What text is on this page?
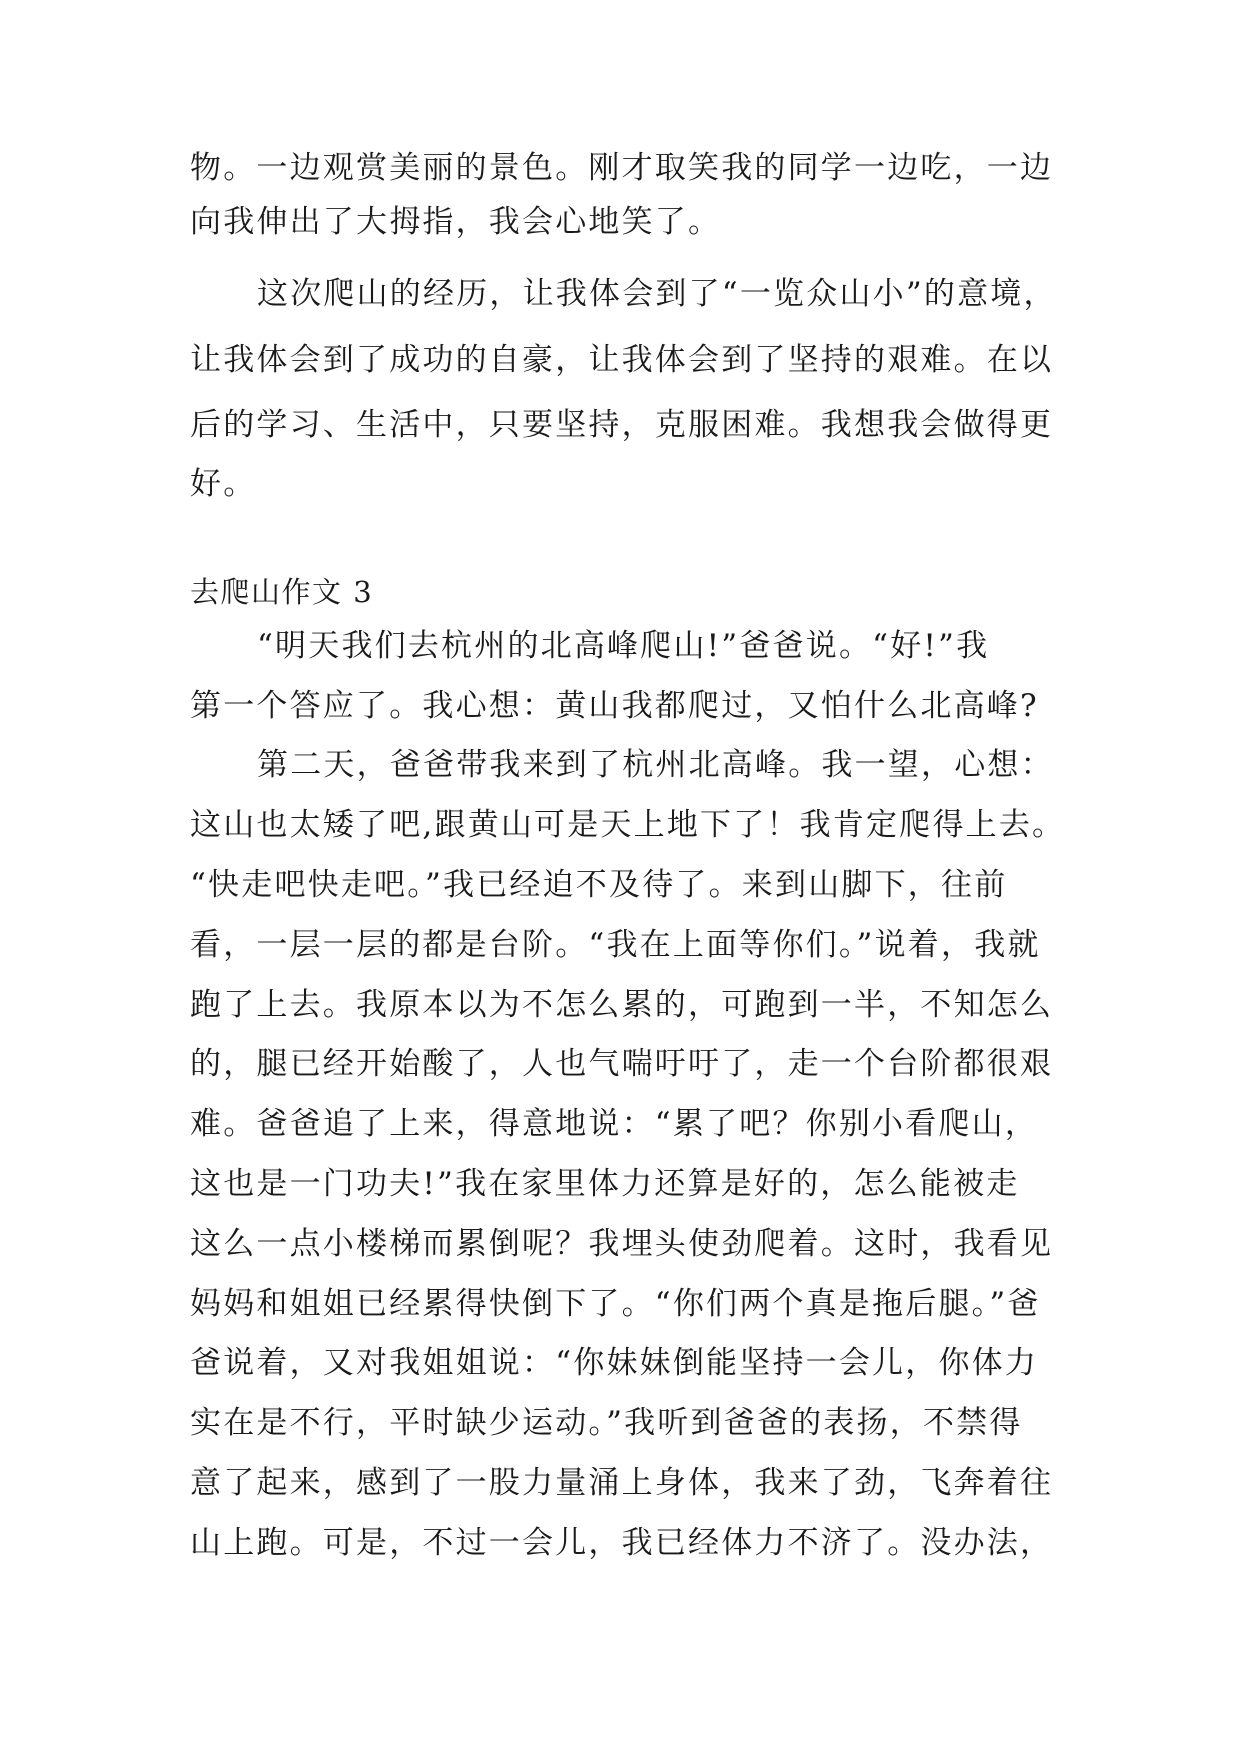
物。一边观赏美丽的景色。刚才取笑我的同学一边吃，一边
向我伸出了大拇指，我会心地笑了。
这次爬山的经历，让我体会到了“一览众山小”的意境，
让我体会到了成功的自豪，让我体会到了坚持的艰难。在以
后的学习、生活中，只要坚持，克服困难。我想我会做得更
好。
去爬山作文 3
“明天我们去杭州的北高峰爬山!”爸爸说。“好!”我
第一个答应了。我心想：黄山我都爬过，又怕什么北高峰?
第二天，爸爸带我来到了杭州北高峰。我一望，心想：
这山也太矮了吧,跟黄山可是天上地下了！我肯定爬得上去。
“快走吧快走吧。”我已经迫不及待了。来到山脚下，往前
看，一层一层的都是台阶。“我在上面等你们。”说着，我就
跑了上去。我原本以为不怎么累的，可跑到一半，不知怎么
的，腿已经开始酸了，人也气喘吁吁了，走一个台阶都很艰
难。爸爸追了上来，得意地说：“累了吧？你别小看爬山，
这也是一门功夫!”我在家里体力还算是好的，怎么能被走
这么一点小楼梯而累倒呢？我埋头使劲爬着。这时，我看见
妈妈和姐姐已经累得快倒下了。“你们两个真是拖后腿。”爸
爸说着，又对我姐姐说：“你妹妹倒能坚持一会儿，你体力
实在是不行，平时缺少运动。”我听到爸爸的表扬，不禁得
意了起来，感到了一股力量涌上身体，我来了劲，飞奔着往
山上跑。可是，不过一会儿，我已经体力不济了。没办法，
